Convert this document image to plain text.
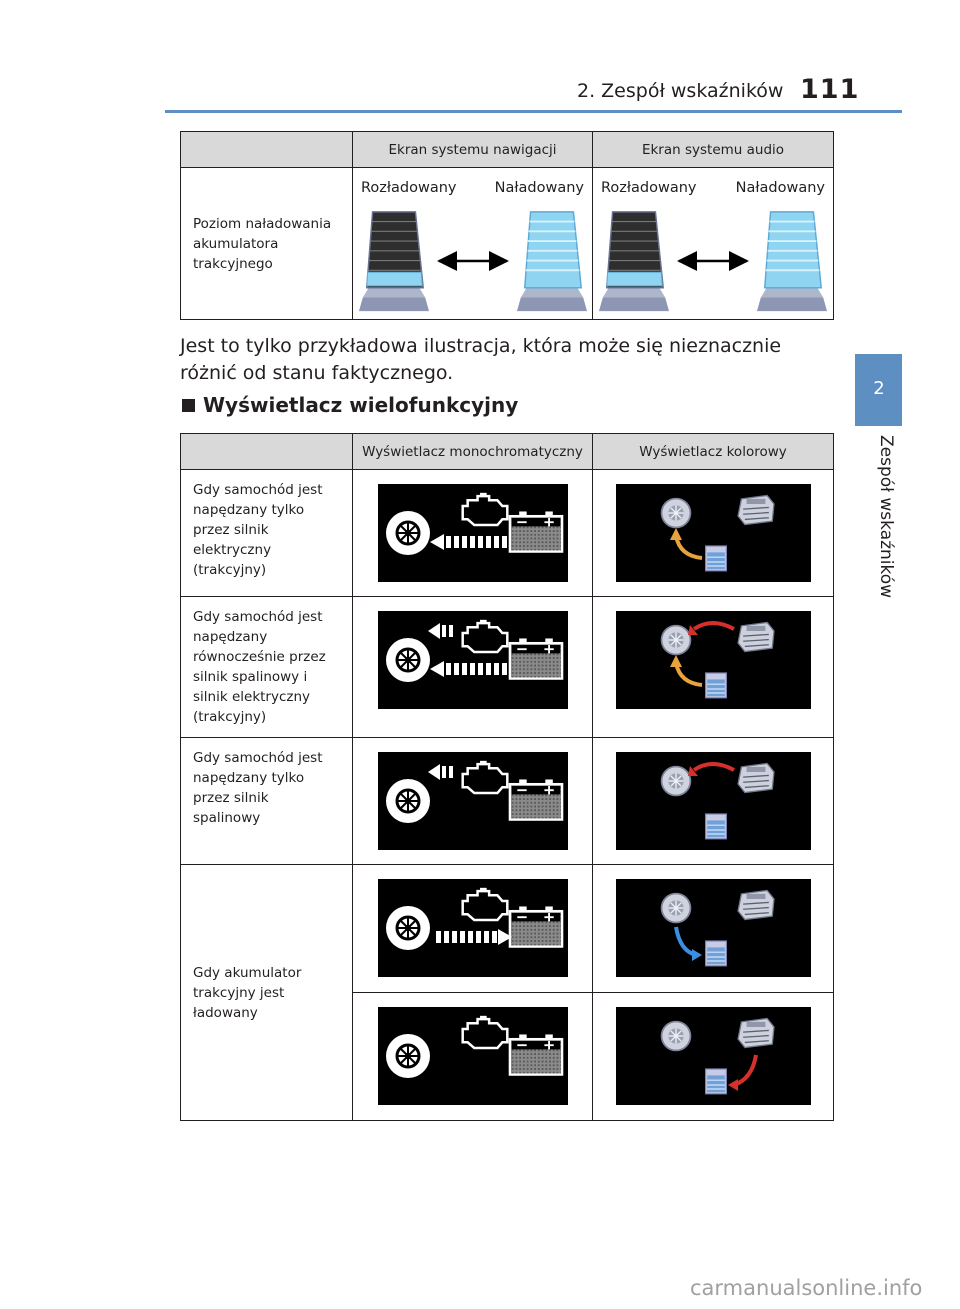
2. Zespół wskaźników 111
2
Zespół wskaźników
	Ekran systemu nawigacji	Ekran systemu audio
Poziom naładowania akumulatora trakcyjnego	Rozładowany Naładowany	Rozładowany Naładowany
Jest to tylko przykładowa ilustracja, która może się nieznacznie różnić od stanu faktycznego.
Wyświetlacz wielofunkcyjny
	Wyświetlacz monochromatyczny	Wyświetlacz kolorowy
Gdy samochód jest napędzany tylko przez silnik elektryczny (trakcyjny)	

Gdy samochód jest napędzany równocześnie przez silnik spalinowy i silnik elektryczny (trakcyjny)	

Gdy samochód jest napędzany tylko przez silnik spalinowy	

Gdy akumulator trakcyjny jest ładowany	

carmanualsonline.info
